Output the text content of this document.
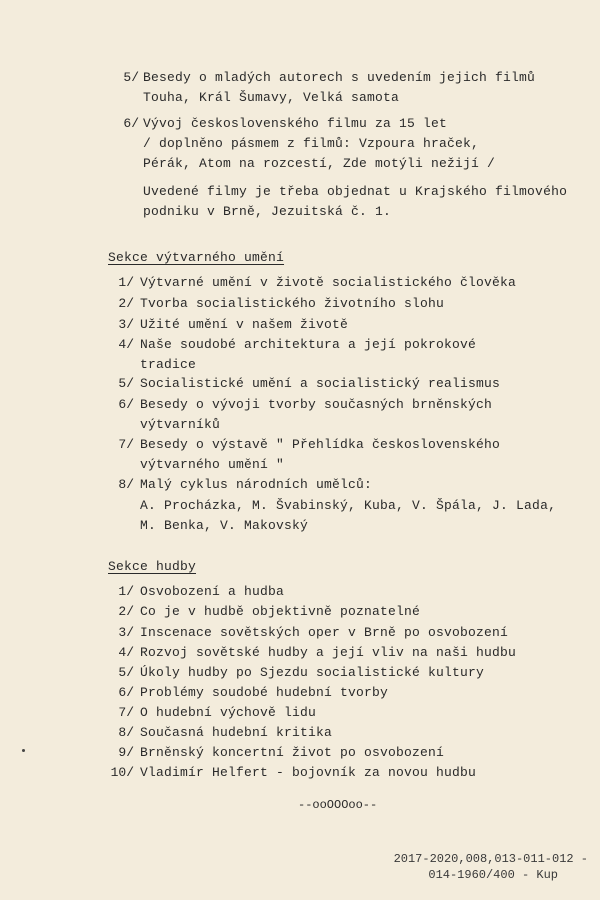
5/ Besedy o mladých autorech s uvedením jejich filmů
Touha, Král Šumavy, Velká samota
6/ Vývoj československého filmu za 15 let
/ doplněno pásmem z filmů: Vzpoura hraček,
Pérák, Atom na rozcestí, Zde motýli nežijí /
Uvedené filmy je třeba objednat u Krajského filmového
podniku v Brně, Jezuitská č. 1.
Sekce výtvarného umění
1/ Výtvarné umění v životě socialistického člověka
2/ Tvorba socialistického životního slohu
3/ Užité umění v našem životě
4/ Naše soudobé architektura a její pokrokové
tradice
5/ Socialistické umění a socialistický realismus
6/ Besedy o vývoji tvorby současných brněnských
výtvarníků
7/ Besedy o výstavě " Přehlídka československého
výtvarného umění "
8/ Malý cyklus národních umělců:
A. Procházka, M. Švabinský, Kuba, V. Špála, J. Lada,
M. Benka, V. Makovský
Sekce hudby
1/ Osvobození a hudba
2/ Co je v hudbě objektivně poznatelné
3/ Inscenace sovětských oper v Brně po osvobození
4/ Rozvoj sovětské hudby a její vliv na naši hudbu
5/ Úkoly hudby po Sjezdu socialistické kultury
6/ Problémy soudobé hudební tvorby
7/ O hudební výchově lidu
8/ Současná hudební kritika
9/ Brněnský koncertní život po osvobození
10/ Vladimír Helfert - bojovník za novou hudbu
--ooOOOoo--
2017-2020,008,013-011-012 -
014-1960/400 - Kup
